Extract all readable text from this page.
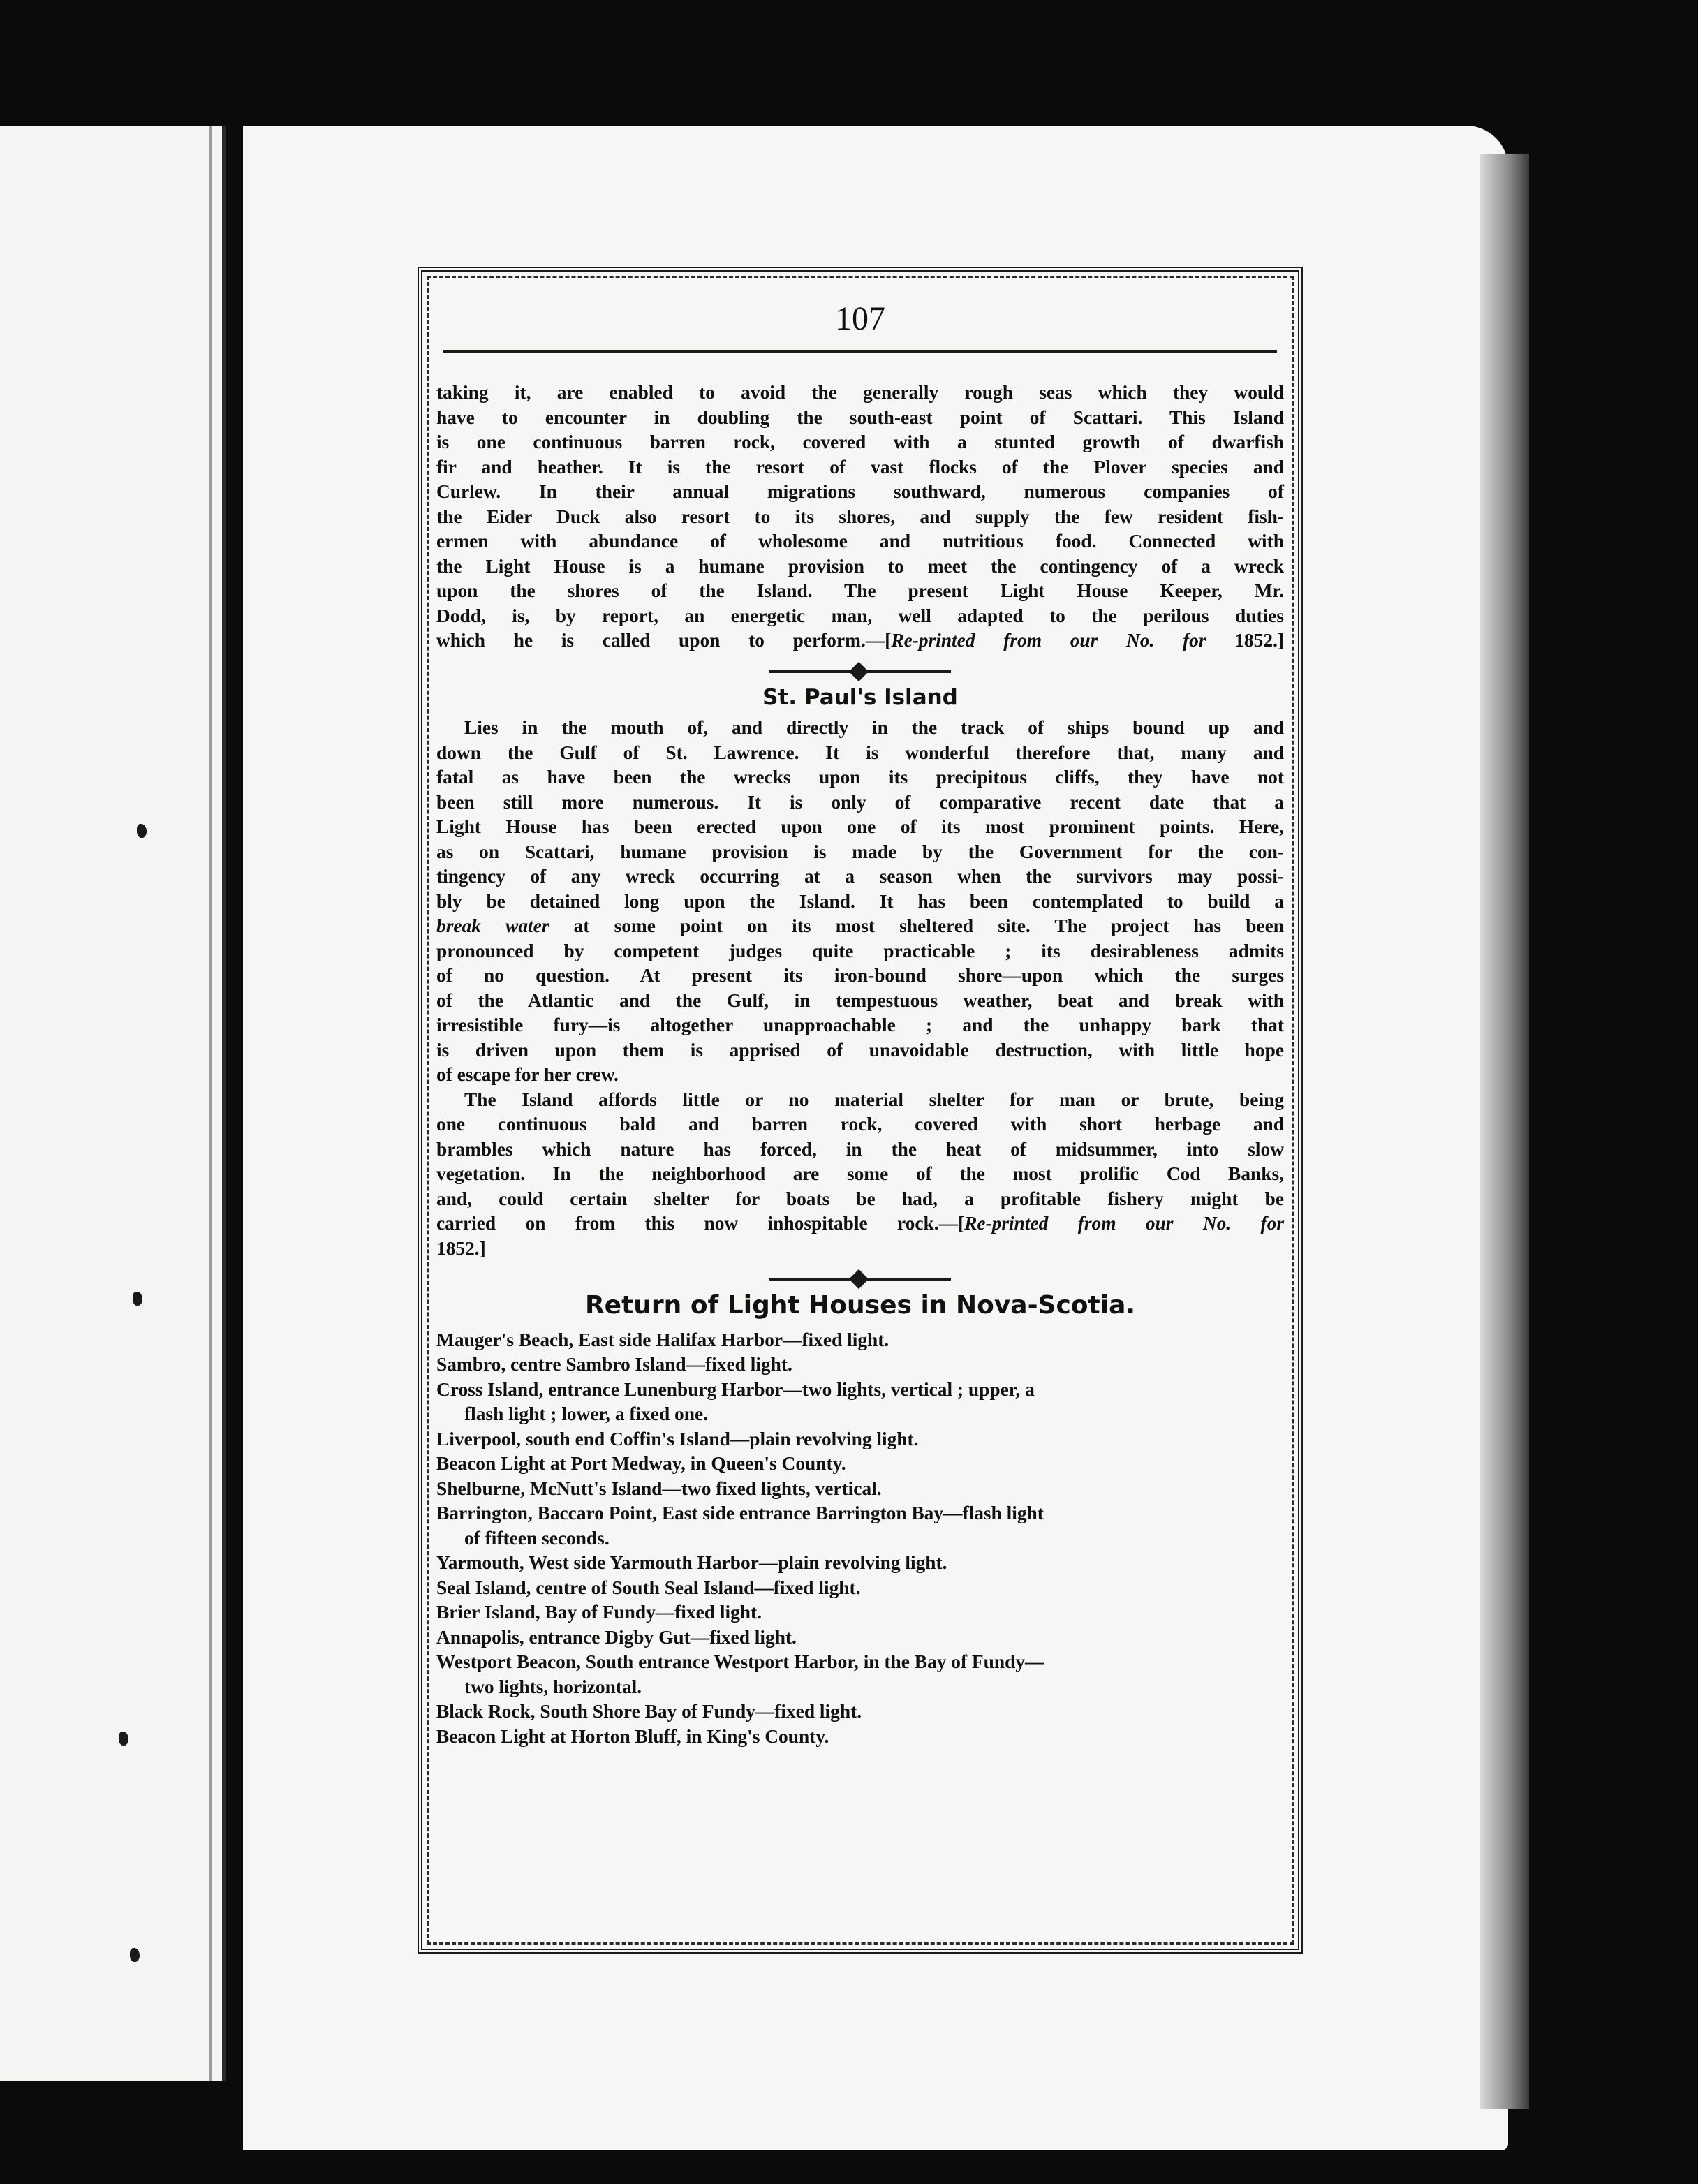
107

taking it, are enabled to avoid the generally rough seas which they would
have to encounter in doubling the south-east point of Scattari. This Island
is one continuous barren rock, covered with a stunted growth of dwarfish
fir and heather. It is the resort of vast flocks of the Plover species and
Curlew. In their annual migrations southward, numerous companies of
the Eider Duck also resort to its shores, and supply the few resident fish-
ermen with abundance of wholesome and nutritious food. Connected with
the Light House is a humane provision to meet the contingency of a wreck
upon the shores of the Island. The present Light House Keeper, Mr.
Dodd, is, by report, an energetic man, well adapted to the perilous duties
which he is called upon to perform.—[Re-printed from our No. for 1852.]

St. Paul's Island

Lies in the mouth of, and directly in the track of ships bound up and
down the Gulf of St. Lawrence. It is wonderful therefore that, many and
fatal as have been the wrecks upon its precipitous cliffs, they have not
been still more numerous. It is only of comparative recent date that a
Light House has been erected upon one of its most prominent points. Here,
as on Scattari, humane provision is made by the Government for the con-
tingency of any wreck occurring at a season when the survivors may possi-
bly be detained long upon the Island. It has been contemplated to build a
break water at some point on its most sheltered site. The project has been
pronounced by competent judges quite practicable ; its desirableness admits
of no question. At present its iron-bound shore—upon which the surges
of the Atlantic and the Gulf, in tempestuous weather, beat and break with
irresistible fury—is altogether unapproachable ; and the unhappy bark that
is driven upon them is apprised of unavoidable destruction, with little hope
of escape for her crew.

The Island affords little or no material shelter for man or brute, being
one continuous bald and barren rock, covered with short herbage and
brambles which nature has forced, in the heat of midsummer, into slow
vegetation. In the neighborhood are some of the most prolific Cod Banks,
and, could certain shelter for boats be had, a profitable fishery might be
carried on from this now inhospitable rock.—[Re-printed from our No. for
1852.]

Return of Light Houses in Nova-Scotia.
Mauger's Beach, East side Halifax Harbor—fixed light.
Sambro, centre Sambro Island—fixed light.
Cross Island, entrance Lunenburg Harbor—two lights, vertical ; upper, a
flash light ; lower, a fixed one.
Liverpool, south end Coffin's Island—plain revolving light.
Beacon Light at Port Medway, in Queen's County.
Shelburne, McNutt's Island—two fixed lights, vertical.
Barrington, Baccaro Point, East side entrance Barrington Bay—flash light
of fifteen seconds.
Yarmouth, West side Yarmouth Harbor—plain revolving light.
Seal Island, centre of South Seal Island—fixed light.
Brier Island, Bay of Fundy—fixed light.
Annapolis, entrance Digby Gut—fixed light.
Westport Beacon, South entrance Westport Harbor, in the Bay of Fundy—
two lights, horizontal.
Black Rock, South Shore Bay of Fundy—fixed light.
Beacon Light at Horton Bluff, in King's County.
